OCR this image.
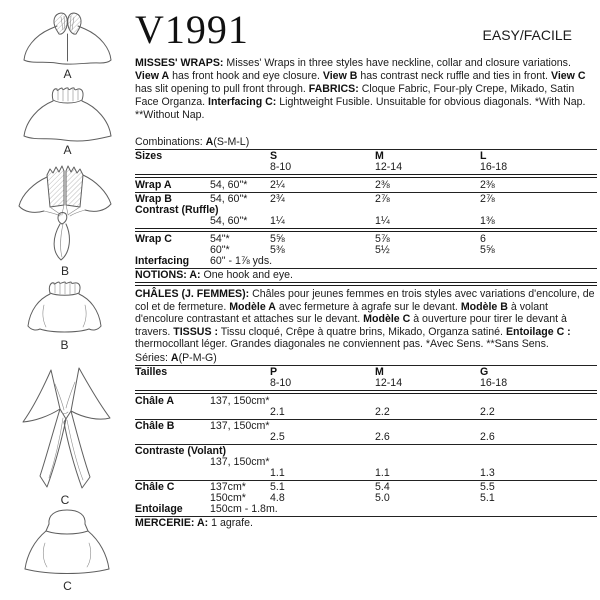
A
A
B
B
C
C
V1991	EASY/FACILE

MISSES' WRAPS: Misses' Wraps in three styles have neckline, collar and closure variations. View A has front hook and eye closure. View B has contrast neck ruffle and ties in front. View C has slit opening to pull front through. FABRICS: Cloque Fabric, Four-ply Crepe, Mikado, Satin Face Organza. Interfacing C: Lightweight Fusible. Unsuitable for obvious diagonals. *With Nap. **Without Nap.

Combinations: A(S-M-L)
Sizes	S	M	L
8-10	12-14	16-18
Wrap A	54, 60"* 2¼	2⅜	2⅜
Wrap B	54, 60"* 2¾	2⅞	2⅞
Contrast (Ruffle)
54, 60"* 1¼	1¼	1⅜
Wrap C	54"*	5⅝	5⅞	6
60"*	5⅜	5½	5⅝
Interfacing 60" - 1⅞ yds.
NOTIONS: A: One hook and eye.

CHÂLES (J. FEMMES): Châles pour jeunes femmes en trois styles avec variations d'encolure, de col et de fermeture. Modèle A avec fermeture à agrafe sur le devant. Modèle B à volant d'encolure contrastant et attaches sur le devant. Modèle C à ouverture pour tirer le devant à travers. TISSUS : Tissu cloqué, Crêpe à quatre brins, Mikado, Organza satiné. Entoilage C : thermocollant léger. Grandes diagonales ne conviennent pas. *Avec Sens. **Sans Sens.

Séries: A(P-M-G)
Tailles	P	M	G
8-10	12-14	16-18
Châle A	137, 150cm*
2.1	2.2	2.2
Châle B	137, 150cm*
2.5	2.6	2.6
Contraste (Volant)
137, 150cm*
1.1	1.1	1.3
Châle C	137cm* 5.1	5.4	5.5
150cm* 4.8	5.0	5.1
Entoilage	150cm - 1.8m.
MERCERIE: A: 1 agrafe.
